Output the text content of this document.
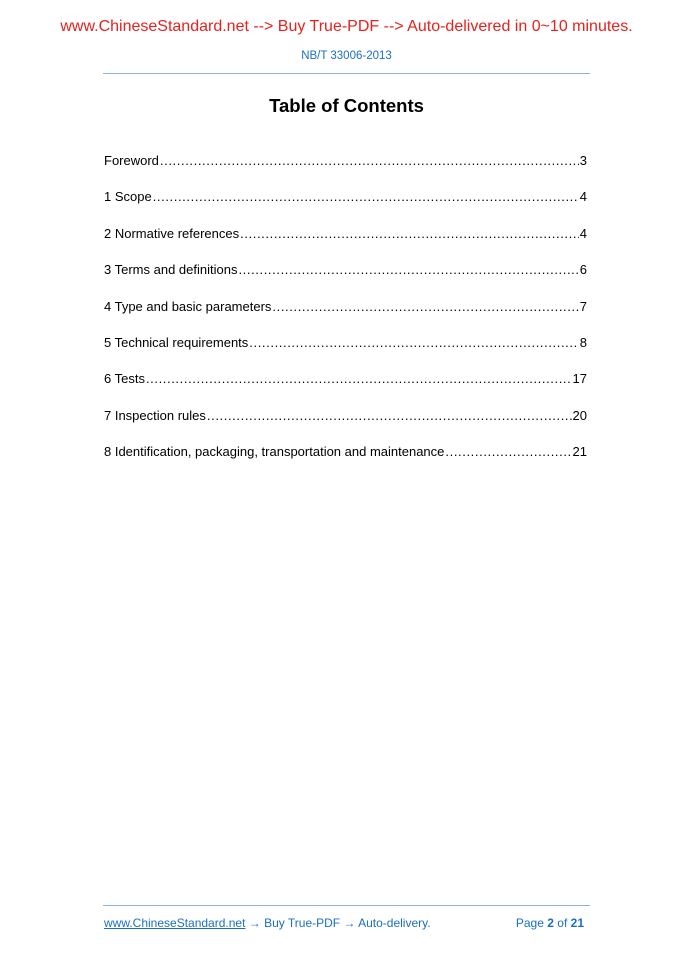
www.ChineseStandard.net --> Buy True-PDF --> Auto-delivered in 0~10 minutes.
NB/T 33006-2013
Table of Contents
Foreword .....	3
1 Scope .....	4
2 Normative references .....	4
3 Terms and definitions .....	6
4 Type and basic parameters .....	7
5 Technical requirements .....	8
6 Tests .....	17
7 Inspection rules .....	20
8 Identification, packaging, transportation and maintenance .....	21
www.ChineseStandard.net → Buy True-PDF → Auto-delivery.	Page 2 of 21
